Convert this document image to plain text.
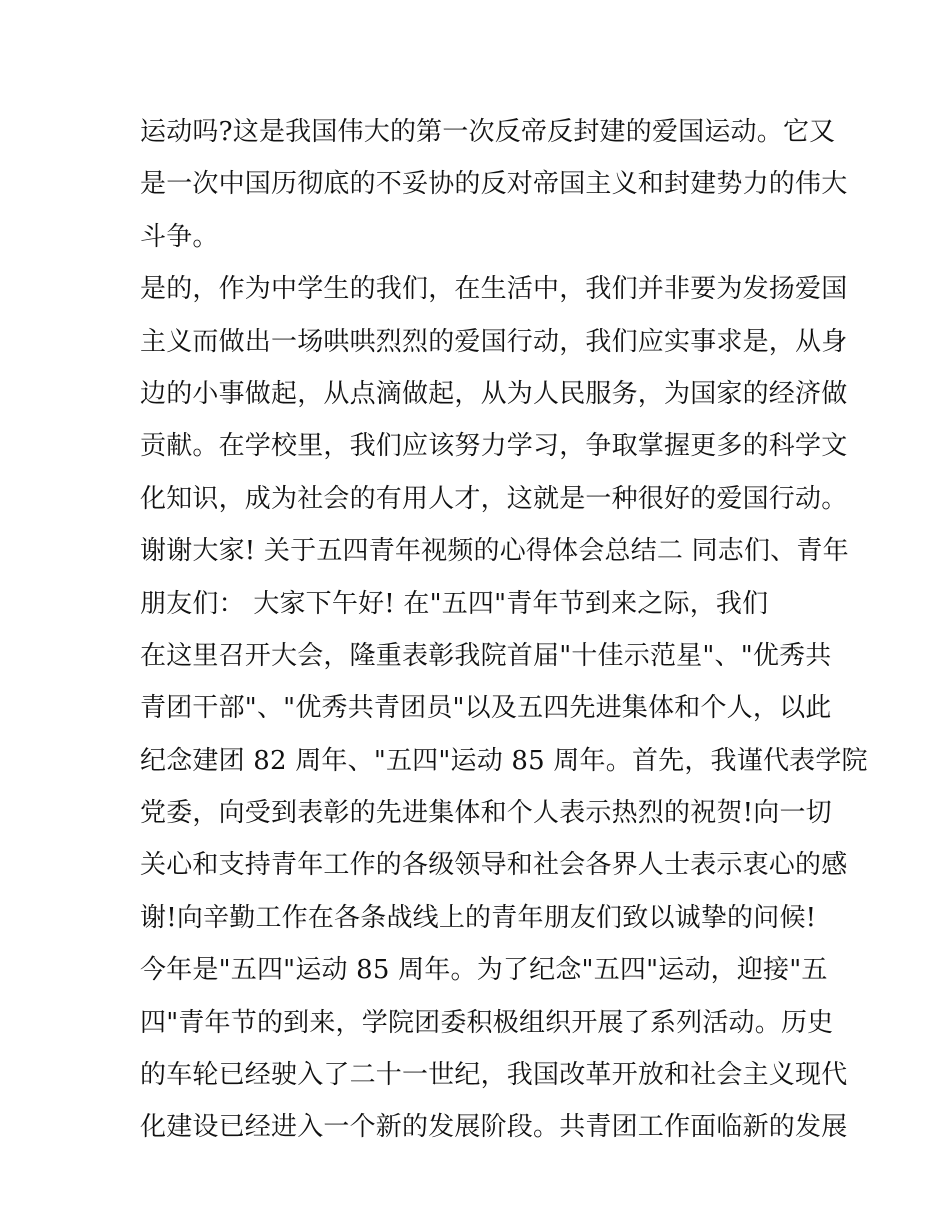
运动吗?这是我国伟大的第一次反帝反封建的爱国运动。它又
是一次中国历彻底的不妥协的反对帝国主义和封建势力的伟大
斗争。
是的，作为中学生的我们，在生活中，我们并非要为发扬爱国
主义而做出一场哄哄烈烈的爱国行动，我们应实事求是，从身
边的小事做起，从点滴做起，从为人民服务，为国家的经济做
贡献。在学校里，我们应该努力学习，争取掌握更多的科学文
化知识，成为社会的有用人才，这就是一种很好的爱国行动。
谢谢大家! 关于五四青年视频的心得体会总结二 同志们、青年
朋友们： 大家下午好! 在"五四"青年节到来之际，我们
在这里召开大会，隆重表彰我院首届"十佳示范星"、"优秀共
青团干部"、"优秀共青团员"以及五四先进集体和个人，以此
纪念建团 82 周年、"五四"运动 85 周年。首先，我谨代表学院
党委，向受到表彰的先进集体和个人表示热烈的祝贺!向一切
关心和支持青年工作的各级领导和社会各界人士表示衷心的感
谢!向辛勤工作在各条战线上的青年朋友们致以诚挚的问候!
今年是"五四"运动 85 周年。为了纪念"五四"运动，迎接"五
四"青年节的到来，学院团委积极组织开展了系列活动。历史
的车轮已经驶入了二十一世纪，我国改革开放和社会主义现代
化建设已经进入一个新的发展阶段。共青团工作面临新的发展
